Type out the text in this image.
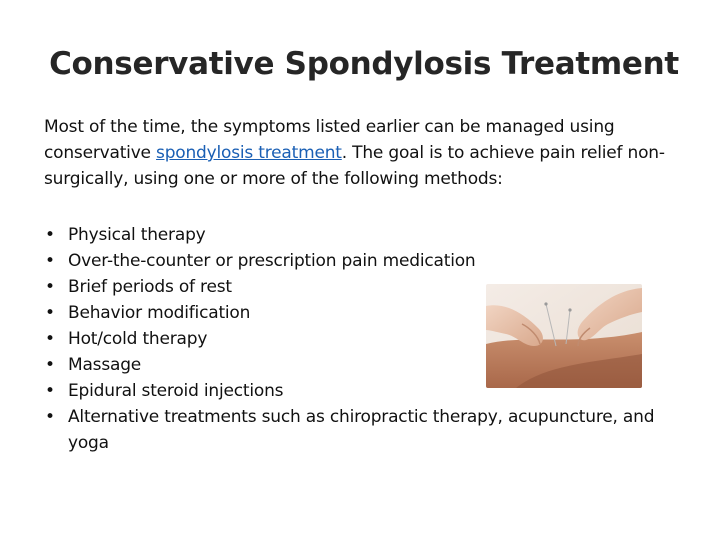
Conservative Spondylosis Treatment
Most of the time, the symptoms listed earlier can be managed using conservative spondylosis treatment. The goal is to achieve pain relief non-surgically, using one or more of the following methods:
• Physical therapy
• Over-the-counter or prescription pain medication
• Brief periods of rest
• Behavior modification
• Hot/cold therapy
• Massage
• Epidural steroid injections
• Alternative treatments such as chiropractic therapy, acupuncture, and yoga
